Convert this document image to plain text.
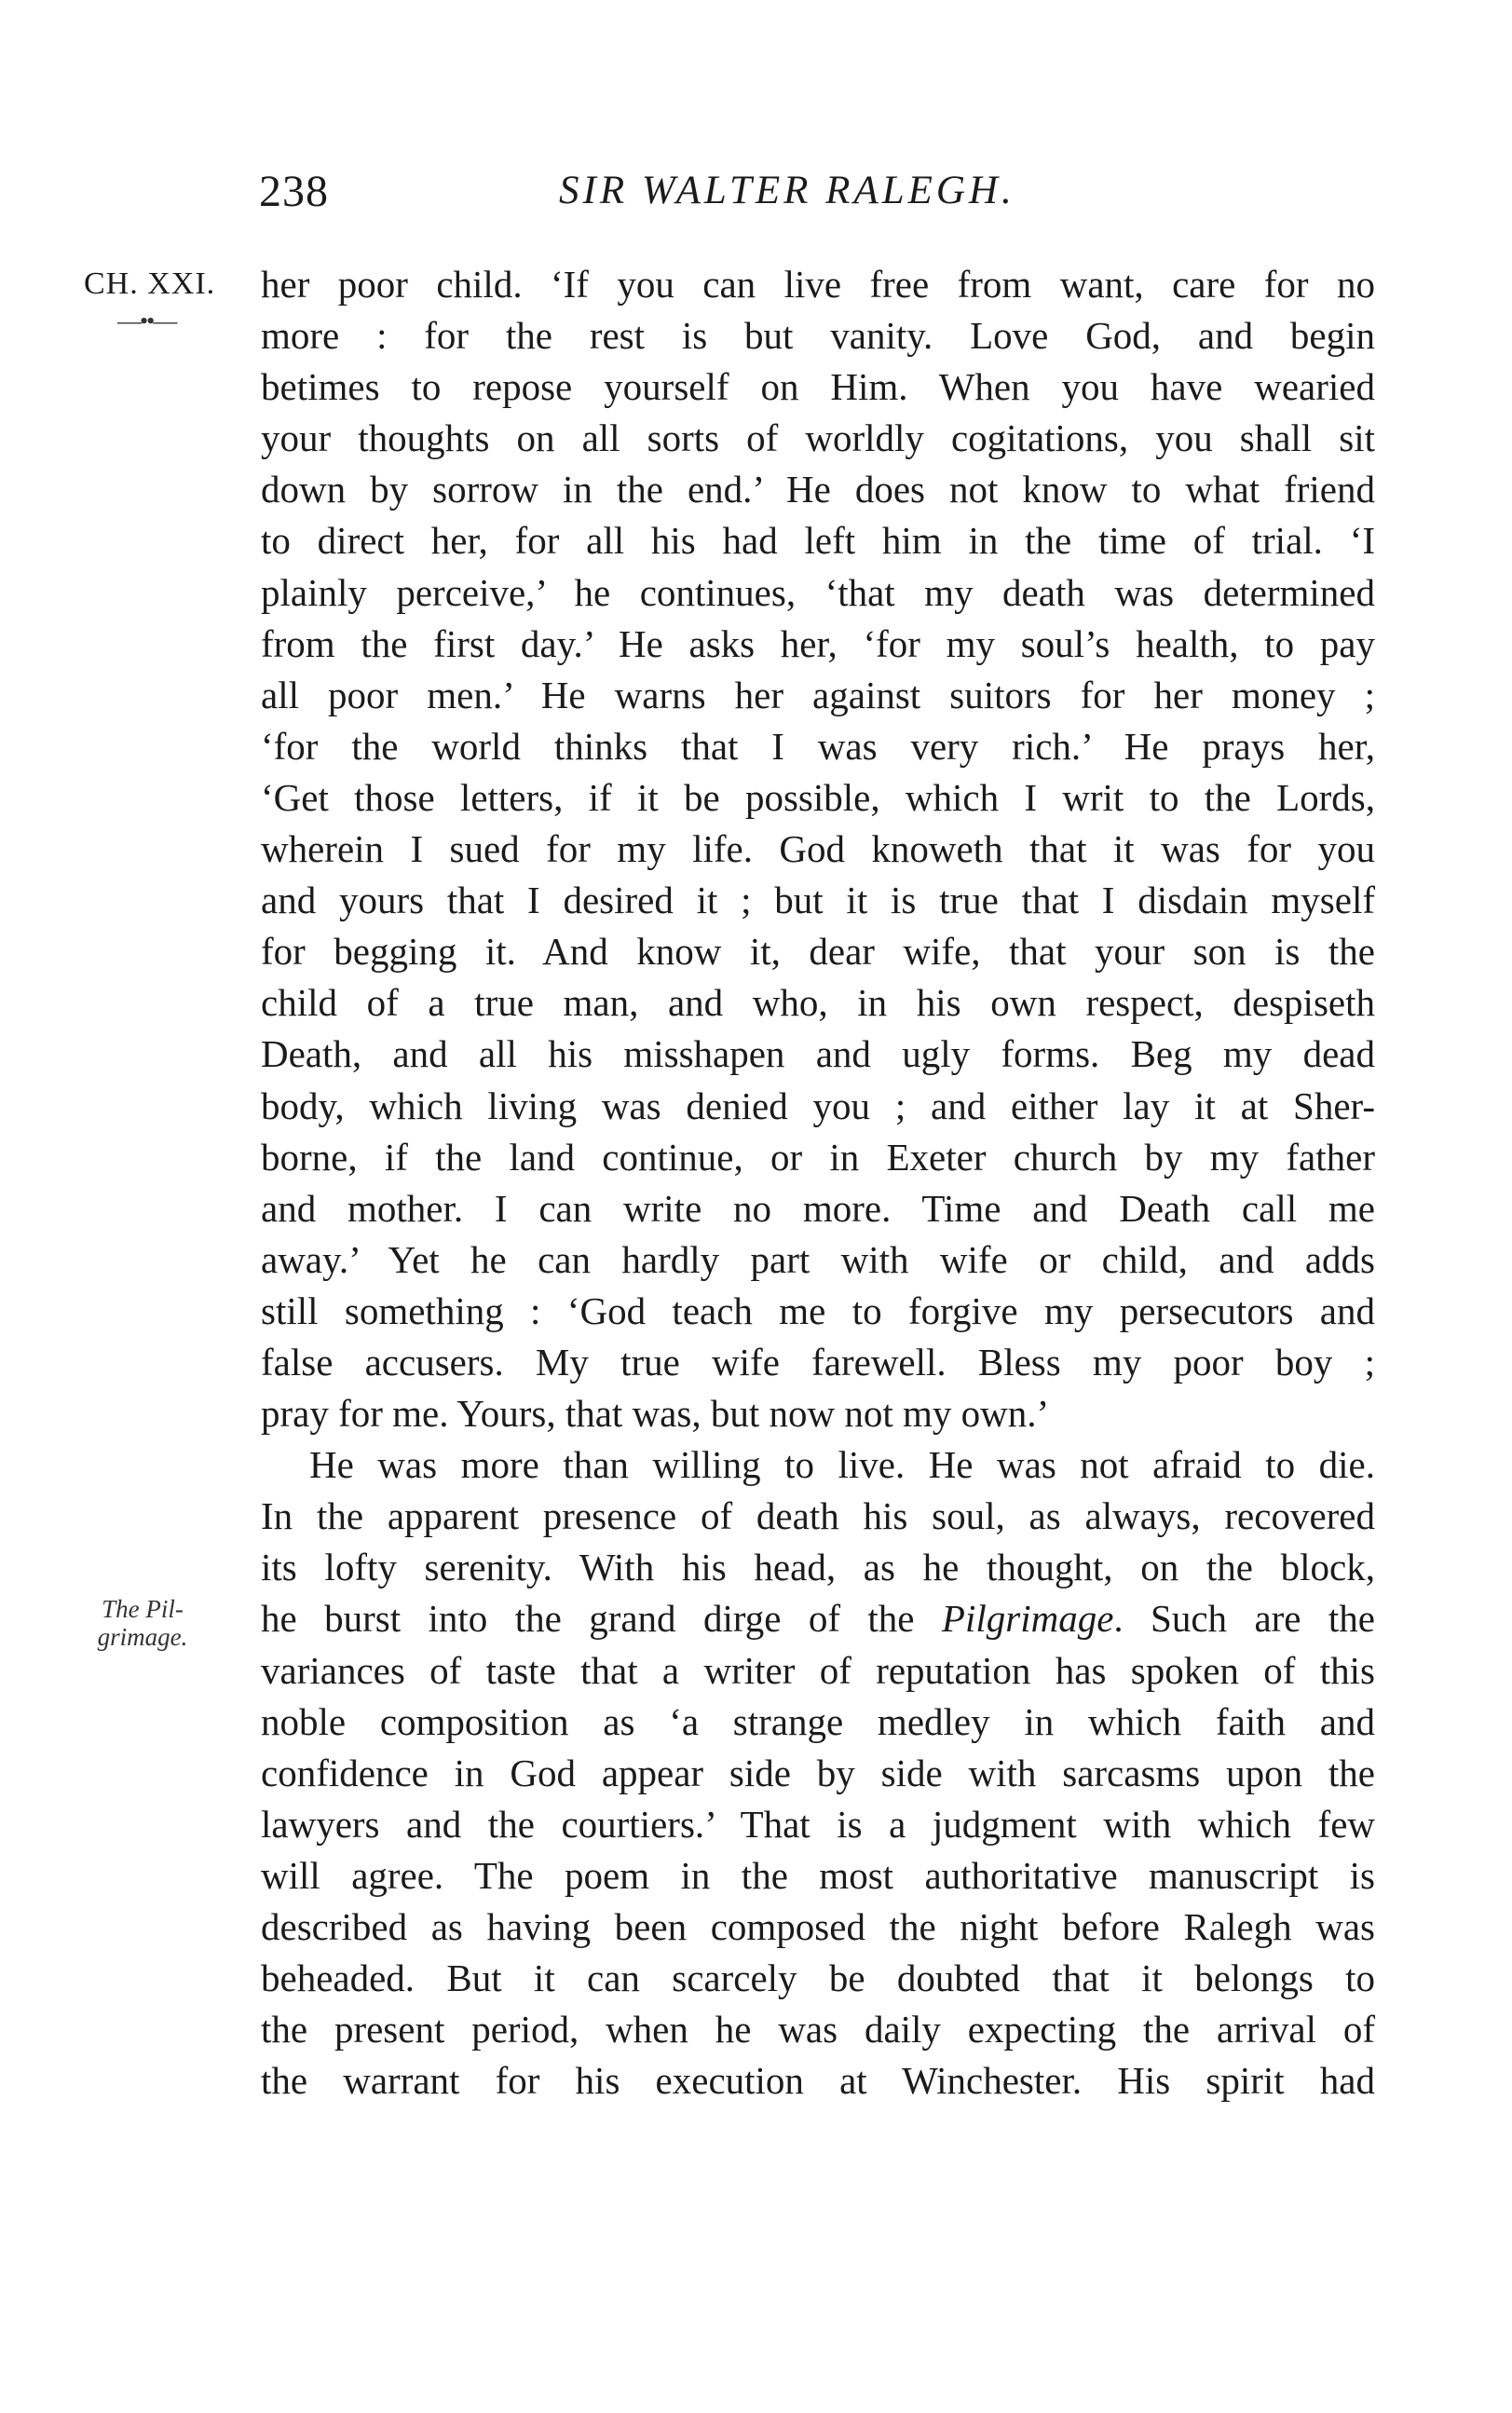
238	SIR WALTER RALEGH.
CH. XXI.
—••—
The Pil-
grimage.
her poor child. ‘If you can live free from want, care for no
more : for the rest is but vanity. Love God, and begin
betimes to repose yourself on Him. When you have wearied
your thoughts on all sorts of worldly cogitations, you shall sit
down by sorrow in the end.’ He does not know to what friend
to direct her, for all his had left him in the time of trial. ‘I
plainly perceive,’ he continues, ‘that my death was determined
from the first day.’ He asks her, ‘for my soul’s health, to pay
all poor men.’ He warns her against suitors for her money ;
‘for the world thinks that I was very rich.’ He prays her,
‘Get those letters, if it be possible, which I writ to the Lords,
wherein I sued for my life. God knoweth that it was for you
and yours that I desired it ; but it is true that I disdain myself
for begging it. And know it, dear wife, that your son is the
child of a true man, and who, in his own respect, despiseth
Death, and all his misshapen and ugly forms. Beg my dead
body, which living was denied you ; and either lay it at Sher-
borne, if the land continue, or in Exeter church by my father
and mother. I can write no more. Time and Death call me
away.’ Yet he can hardly part with wife or child, and adds
still something : ‘God teach me to forgive my persecutors and
false accusers. My true wife farewell. Bless my poor boy ;
pray for me. Yours, that was, but now not my own.’
He was more than willing to live. He was not afraid to die.
In the apparent presence of death his soul, as always, recovered
its lofty serenity. With his head, as he thought, on the block,
he burst into the grand dirge of the Pilgrimage. Such are the
variances of taste that a writer of reputation has spoken of this
noble composition as ‘a strange medley in which faith and
confidence in God appear side by side with sarcasms upon the
lawyers and the courtiers.’ That is a judgment with which few
will agree. The poem in the most authoritative manuscript is
described as having been composed the night before Ralegh was
beheaded. But it can scarcely be doubted that it belongs to
the present period, when he was daily expecting the arrival of
the warrant for his execution at Winchester. His spirit had
